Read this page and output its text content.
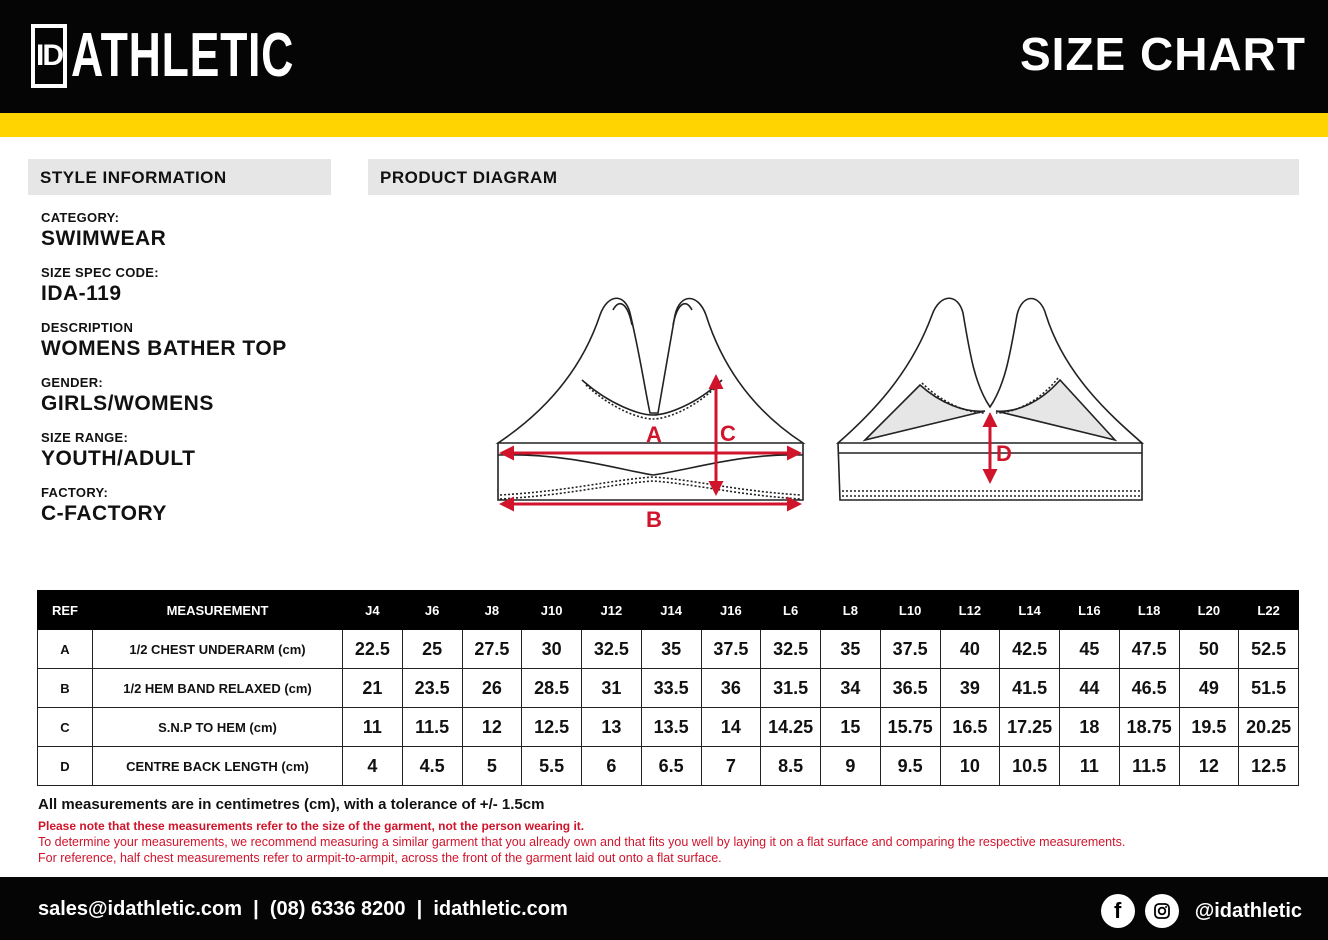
ID ATHLETIC	SIZE CHART
STYLE INFORMATION	PRODUCT DIAGRAM
CATEGORY:
SWIMWEAR
SIZE SPEC CODE:
IDA-119
DESCRIPTION
WOMENS BATHER TOP
GENDER:
GIRLS/WOMENS
SIZE RANGE:
YOUTH/ADULT
FACTORY:
C-FACTORY
A	C
B
D
REF	MEASUREMENT	J4	J6	J8	J10	J12	J14	J16	L6	L8	L10	L12	L14	L16	L18	L20	L22
A	1/2 CHEST UNDERARM (cm)	22.5	25	27.5	30	32.5	35	37.5	32.5	35	37.5	40	42.5	45	47.5	50	52.5
B	1/2 HEM BAND RELAXED (cm)	21	23.5	26	28.5	31	33.5	36	31.5	34	36.5	39	41.5	44	46.5	49	51.5
C	S.N.P TO HEM (cm)	11	11.5	12	12.5	13	13.5	14	14.25	15	15.75	16.5	17.25	18	18.75	19.5	20.25
D	CENTRE BACK LENGTH (cm)	4	4.5	5	5.5	6	6.5	7	8.5	9	9.5	10	10.5	11	11.5	12	12.5
All measurements are in centimetres (cm), with a tolerance of +/- 1.5cm
Please note that these measurements refer to the size of the garment, not the person wearing it.
To determine your measurements, we recommend measuring a similar garment that you already own and that fits you well by laying it on a flat surface and comparing the respective measurements.
For reference, half chest measurements refer to armpit-to-armpit, across the front of the garment laid out onto a flat surface.
sales@idathletic.com  |  (08) 6336 8200  |  idathletic.com	f	@idathletic
